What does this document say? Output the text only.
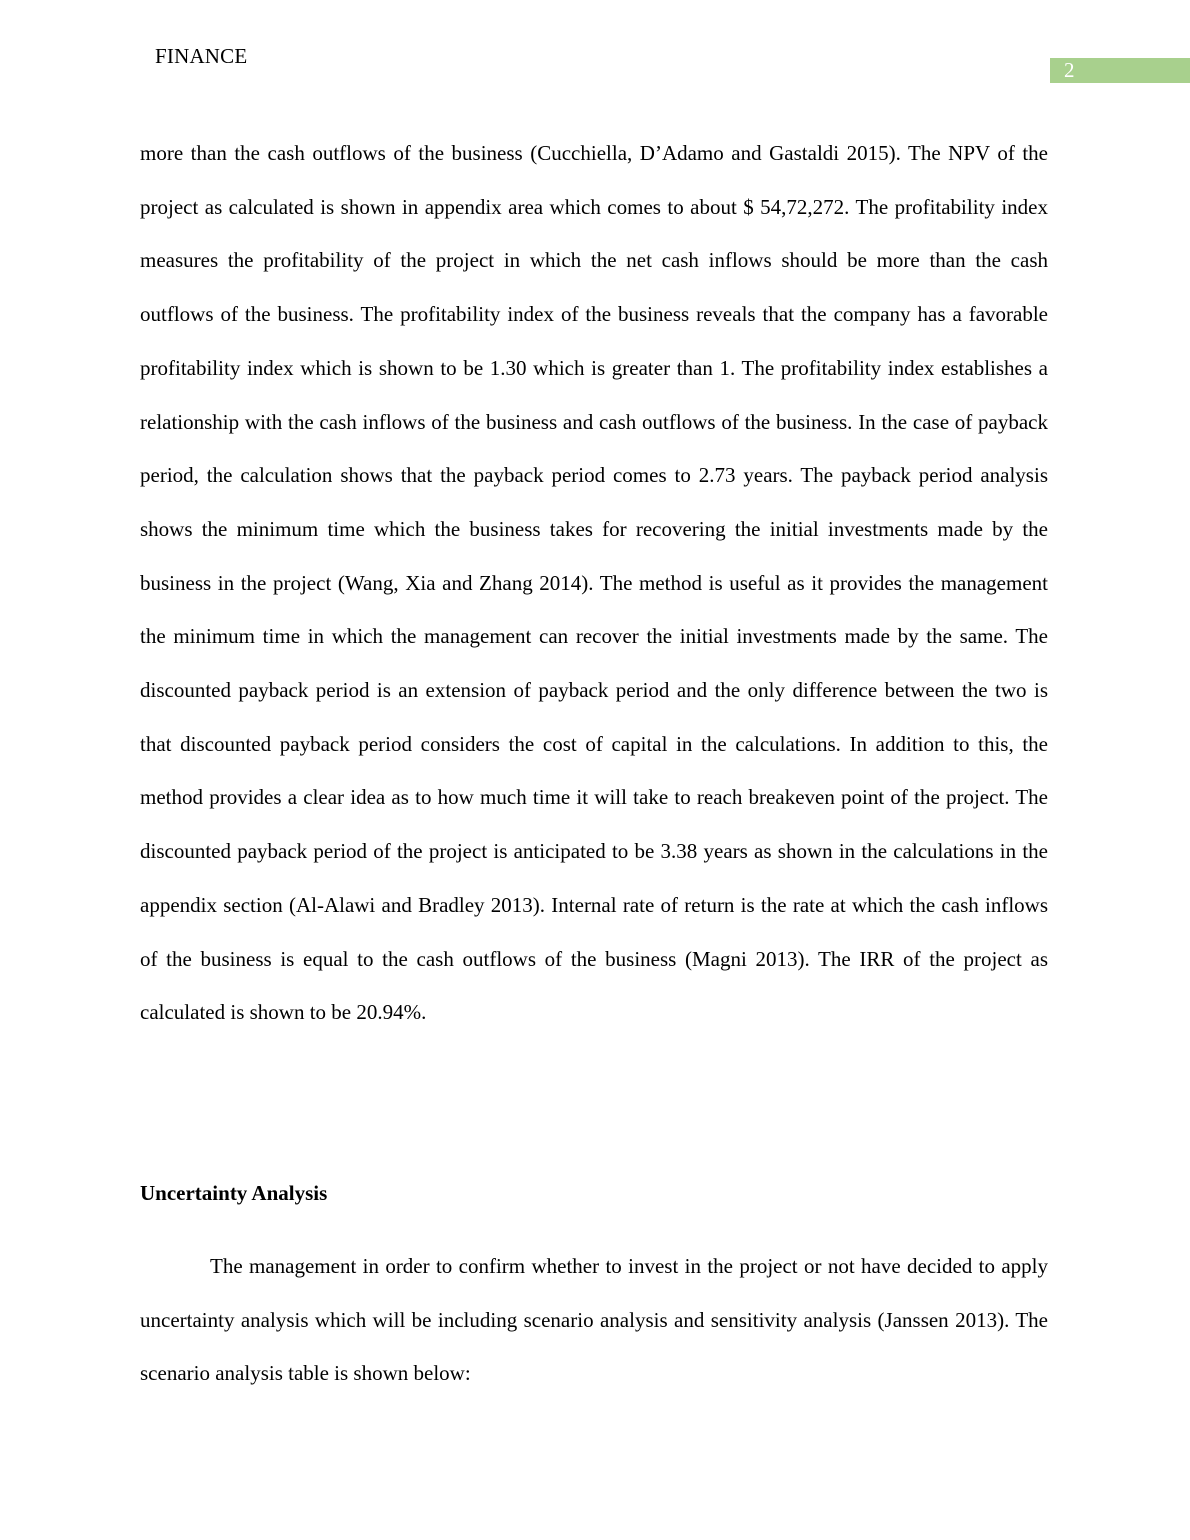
FINANCE
2

more than the cash outflows of the business (Cucchiella, D’Adamo and Gastaldi 2015). The NPV of the project as calculated is shown in appendix area which comes to about $ 54,72,272. The profitability index measures the profitability of the project in which the net cash inflows should be more than the cash outflows of the business. The profitability index of the business reveals that the company has a favorable profitability index which is shown to be 1.30 which is greater than 1. The profitability index establishes a relationship with the cash inflows of the business and cash outflows of the business. In the case of payback period, the calculation shows that the payback period comes to 2.73 years. The payback period analysis shows the minimum time which the business takes for recovering the initial investments made by the business in the project (Wang, Xia and Zhang 2014). The method is useful as it provides the management the minimum time in which the management can recover the initial investments made by the same. The discounted payback period is an extension of payback period and the only difference between the two is that discounted payback period considers the cost of capital in the calculations. In addition to this, the method provides a clear idea as to how much time it will take to reach breakeven point of the project. The discounted payback period of the project is anticipated to be 3.38 years as shown in the calculations in the appendix section (Al-Alawi and Bradley 2013). Internal rate of return is the rate at which the cash inflows of the business is equal to the cash outflows of the business (Magni 2013). The IRR of the project as calculated is shown to be 20.94%.

Uncertainty Analysis

The management in order to confirm whether to invest in the project or not have decided to apply uncertainty analysis which will be including scenario analysis and sensitivity analysis (Janssen 2013). The scenario analysis table is shown below:
